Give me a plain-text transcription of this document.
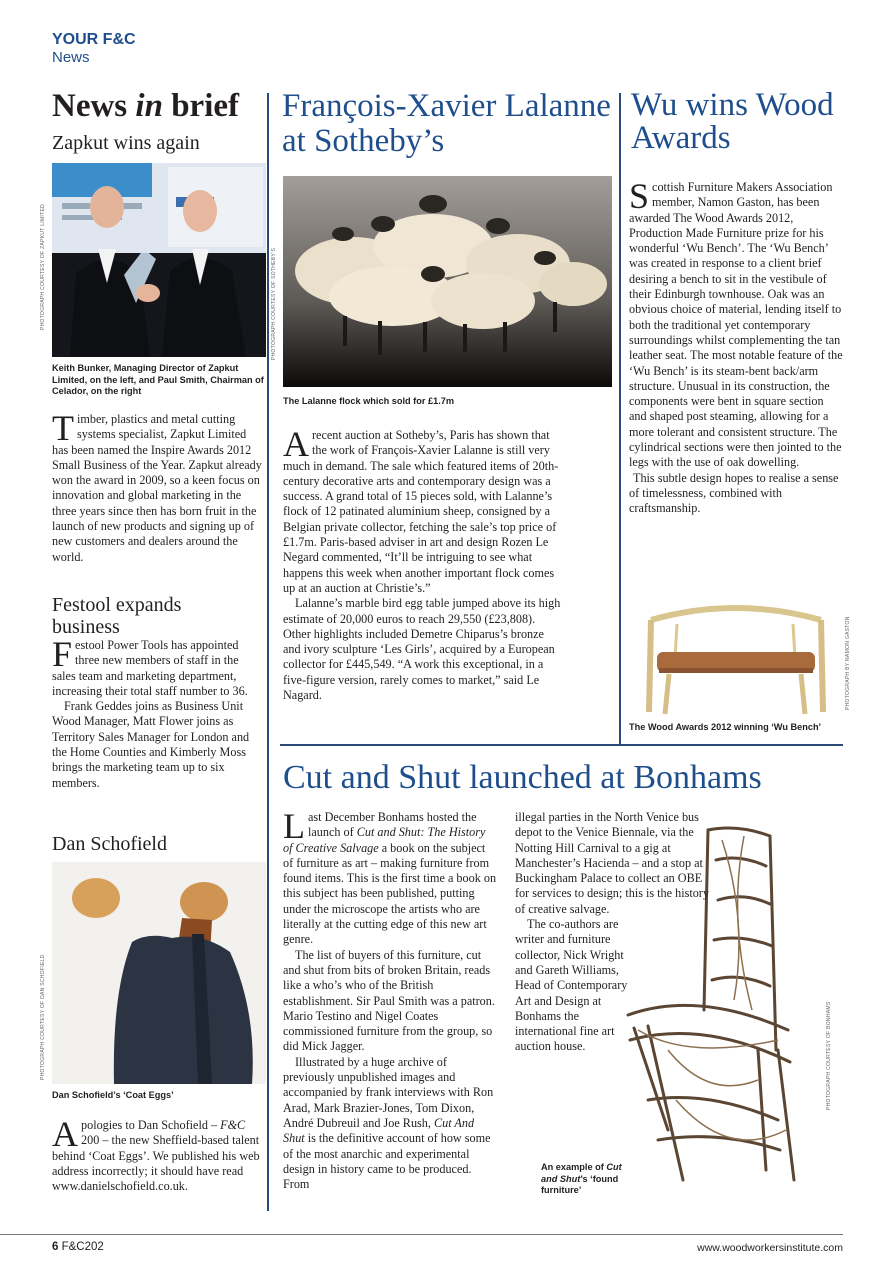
YOUR F&C
News
News in brief
Zapkut wins again
PHOTOGRAPH COURTESY OF ZAPKUT LIMITED

Keith Bunker, Managing Director of Zapkut Limited, on the left, and Paul Smith, Chairman of Celador, on the right

Timber, plastics and metal cutting systems specialist, Zapkut Limited has been named the Inspire Awards 2012 Small Business of the Year. Zapkut already won the award in 2009, so a keen focus on innovation and global marketing in the three years since then has born fruit in the launch of new products and signing up of new customers and dealers around the world.

Festool expands business

Festool Power Tools has appointed three new members of staff in the sales team and marketing department, increasing their total staff number to 36.

Frank Geddes joins as Business Unit Wood Manager, Matt Flower joins as Territory Sales Manager for London and the Home Counties and Kimberly Moss brings the marketing team up to six members.

Dan Schofield
PHOTOGRAPH COURTESY OF DAN SCHOFIELD

Dan Schofield’s ‘Coat Eggs’

Apologies to Dan Schofield – F&C 200 – the new Sheffield-based talent behind ‘Coat Eggs’. We published his web address incorrectly; it should have read www.danielschofield.co.uk.

François-Xavier Lalanne at Sotheby’s
PHOTOGRAPH COURTESY OF SOTHEBY’S

The Lalanne flock which sold for £1.7m

A recent auction at Sotheby’s, Paris has shown that the work of François-Xavier Lalanne is still very much in demand. The sale which featured items of 20th-century decorative arts and contemporary design was a success. A grand total of 15 pieces sold, with Lalanne’s flock of 12 patinated aluminium sheep, consigned by a Belgian private collector, fetching the sale’s top price of £1.7m. Paris-based adviser in art and design Rozen Le Negard commented, “It’ll be intriguing to see what happens this week when another important flock comes up at an auction at Christie’s.”

Lalanne’s marble bird egg table jumped above its high estimate of 20,000 euros to reach 29,550 (£23,808). Other highlights included Demetre Chiparus’s bronze and ivory sculpture ‘Les Girls’, acquired by a European collector for £445,549. “A work this exceptional, in a five-figure version, rarely comes to market,” said Le Nagard.

Wu wins Wood Awards

Scottish Furniture Makers Association member, Namon Gaston, has been awarded The Wood Awards 2012, Production Made Furniture prize for his wonderful ‘Wu Bench’. The ‘Wu Bench’ was created in response to a client brief desiring a bench to sit in the vestibule of their Edinburgh townhouse. Oak was an obvious choice of material, lending itself to both the traditional yet contemporary surroundings whilst complementing the tan leather seat. The most notable feature of the ‘Wu Bench’ is its steam-bent back/arm structure. Unusual in its construction, the components were bent in square section and shaped post steaming, allowing for a more tolerant and consistent structure. The cylindrical sections were then jointed to the legs with the use of oak dowelling.

This subtle design hopes to realise a sense of timelessness, combined with craftsmanship.

PHOTOGRAPH BY NAMON GASTON

The Wood Awards 2012 winning ‘Wu Bench’

Cut and Shut launched at Bonhams

Last December Bonhams hosted the launch of Cut and Shut: The History of Creative Salvage a book on the subject of furniture as art – making furniture from found items. This is the first time a book on this subject has been published, putting under the microscope the artists who are literally at the cutting edge of this new art genre.

The list of buyers of this furniture, cut and shut from bits of broken Britain, reads like a who’s who of the British establishment. Sir Paul Smith was a patron. Mario Testino and Nigel Coates commissioned furniture from the group, so did Mick Jagger.

Illustrated by a huge archive of previously unpublished images and accompanied by frank interviews with Ron Arad, Mark Brazier-Jones, Tom Dixon, André Dubreuil and Joe Rush, Cut And Shut is the definitive account of how some of the most anarchic and experimental design in history came to be produced. From

illegal parties in the North Venice bus depot to the Venice Biennale, via the Notting Hill Carnival to a gig at Manchester’s Hacienda – and a stop at Buckingham Palace to collect an OBE for services to design; this is the history of creative salvage.

The co-authors are writer and furniture collector, Nick Wright and Gareth Williams, Head of Contemporary Art and Design at Bonhams the international fine art auction house.	PHOTOGRAPH COURTESY OF BONHAMS

An example of Cut and Shut’s ‘found furniture’

6 F&C202	www.woodworkersinstitute.com
